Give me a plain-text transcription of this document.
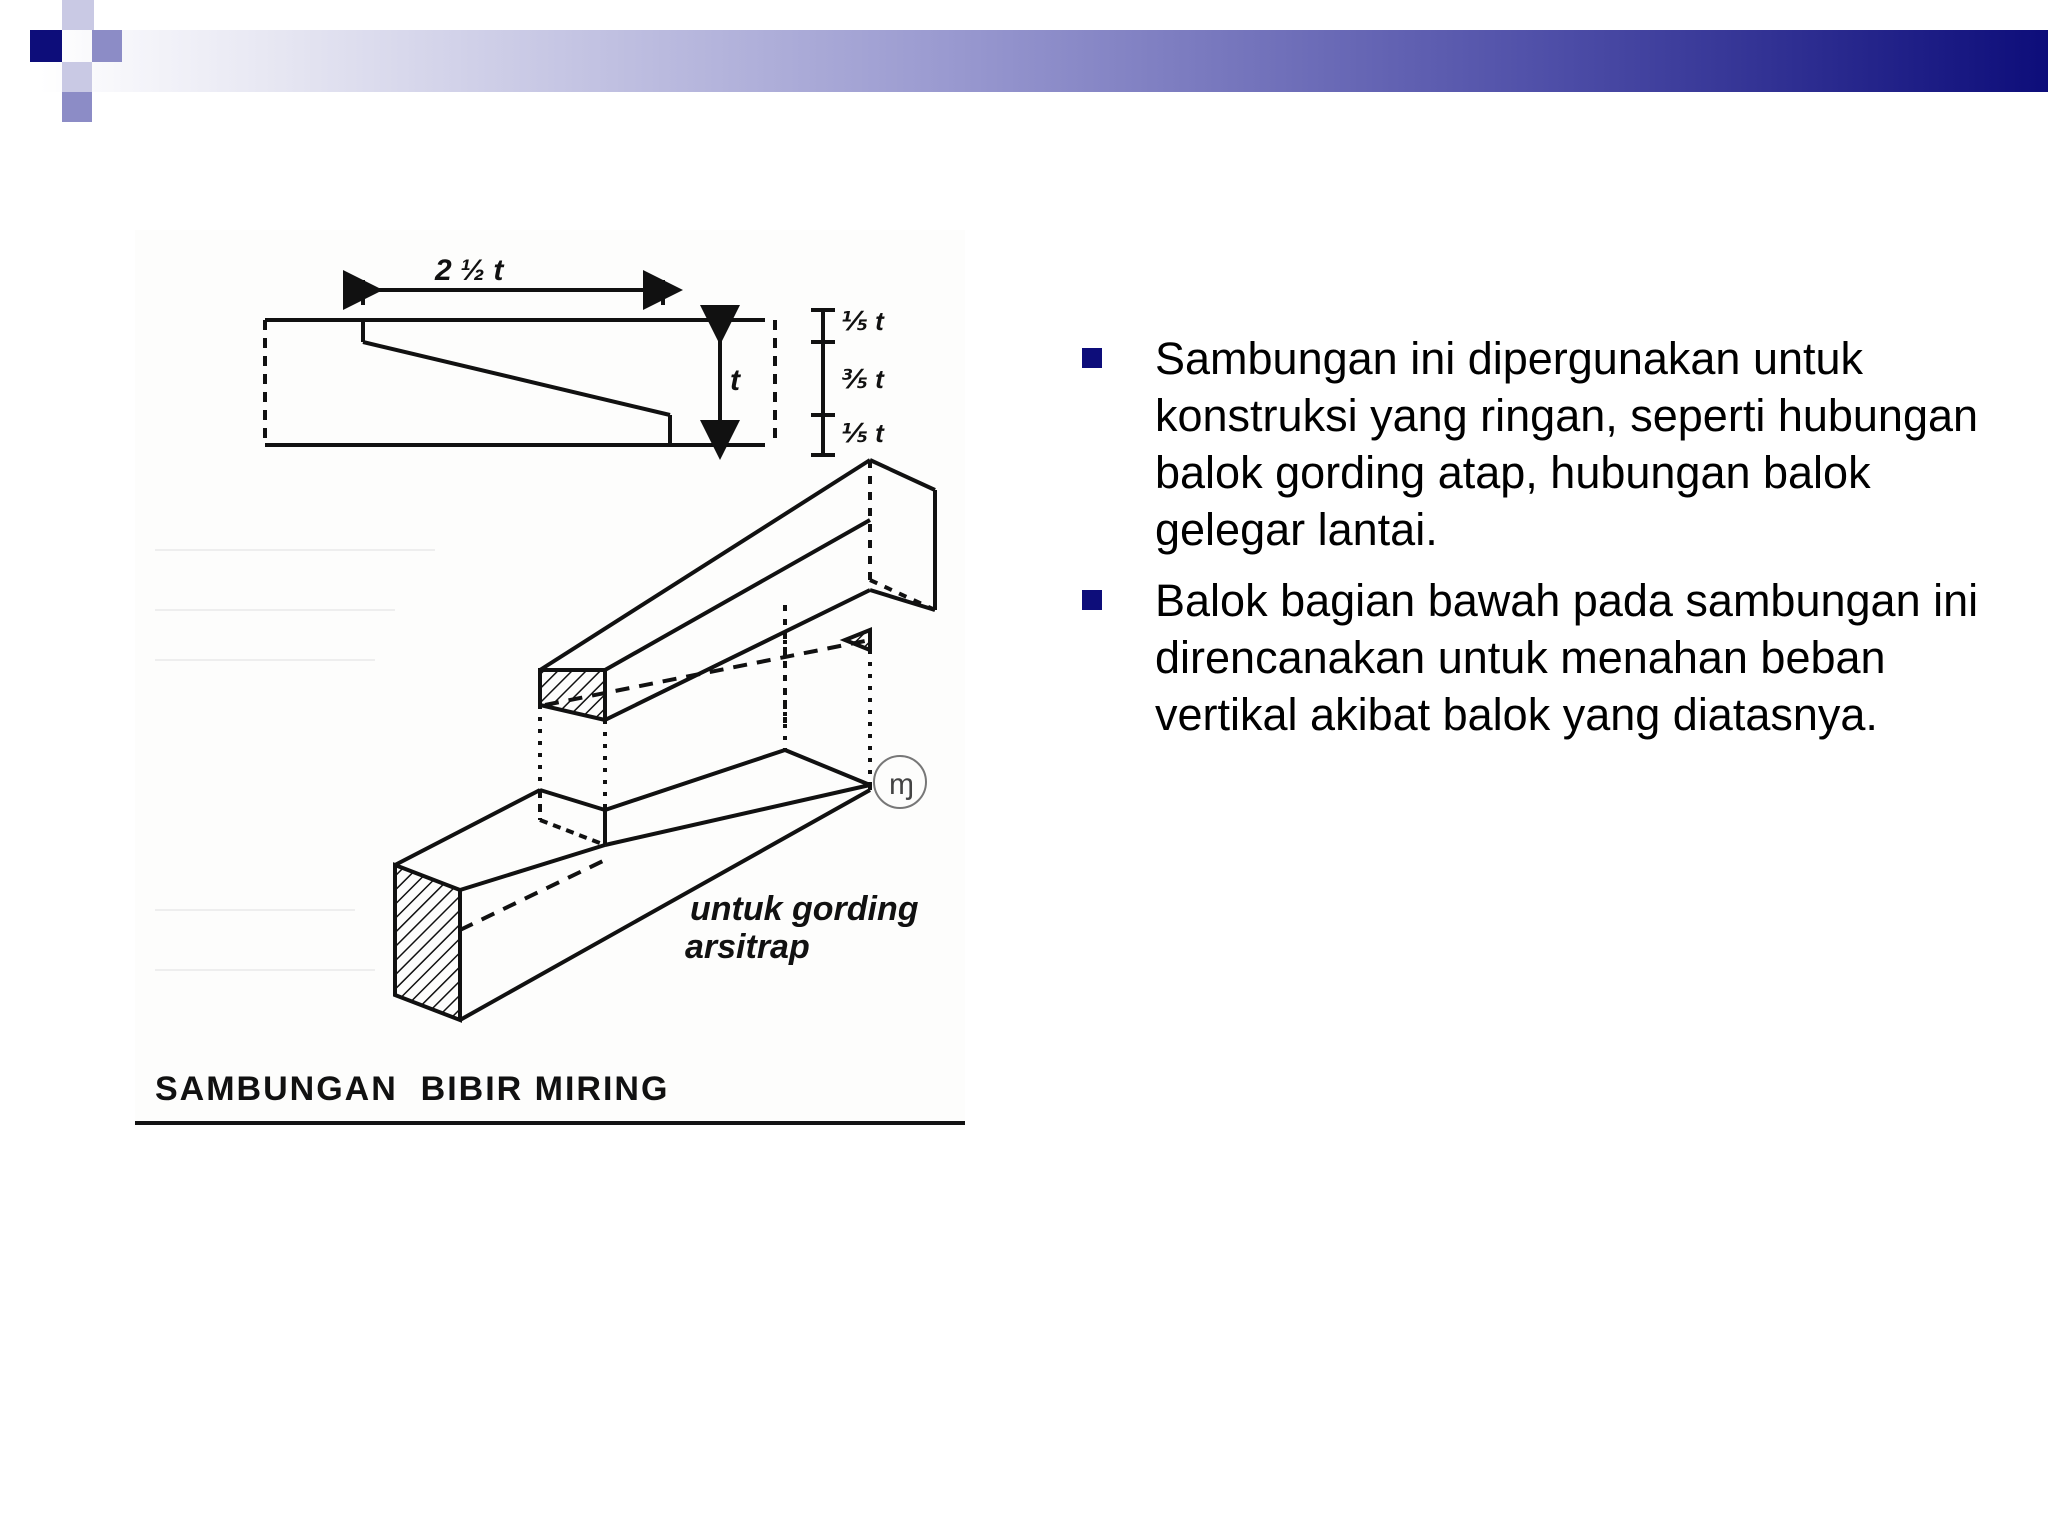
ɱ
2 ½ t
t
⅕ t
⅗ t
⅕ t
untuk gording
arsitrap
SAMBUNGAN  BIBIR MIRING
Sambungan ini dipergunakan untuk konstruksi yang ringan, seperti hubungan balok gording atap, hubungan balok gelegar lantai.
Balok bagian bawah pada sambungan ini direncanakan untuk menahan beban vertikal akibat balok yang diatasnya.
